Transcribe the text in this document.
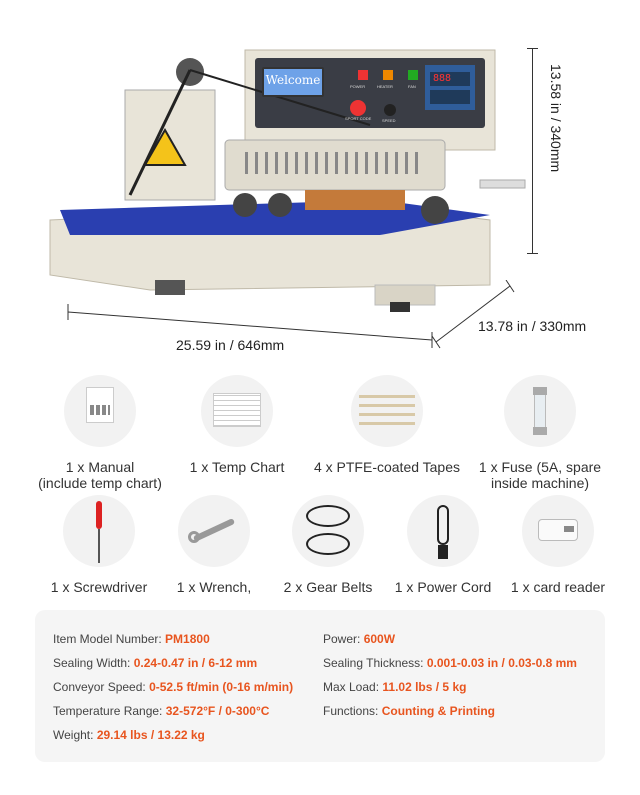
Welcome	888
POWER	HEATER	FAN
SPORT CODE	SPEED	13.58 in / 340mm
25.59 in / 646mm
13.78 in / 330mm
1 x Manual
(include temp chart)
1 x Temp Chart	4 x PTFE-coated Tapes	1 x Fuse (5A, spare
inside machine)
1 x Screwdriver	1 x Wrench,	2 x Gear Belts	1 x Power Cord	1 x card reader
Item Model Number: PM1800	Power: 600W
Sealing Width: 0.24-0.47 in / 6-12 mm	Sealing Thickness: 0.001-0.03 in / 0.03-0.8 mm
Conveyor Speed: 0-52.5 ft/min (0-16 m/min) Max Load: 11.02 lbs / 5 kg
Temperature Range: 32-572°F / 0-300°C	Functions: Counting & Printing
Weight: 29.14 lbs / 13.22 kg
